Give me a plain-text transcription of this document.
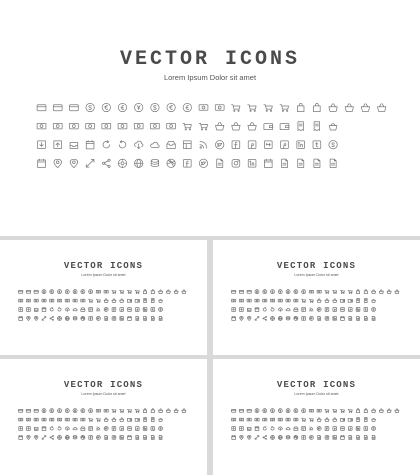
VECTOR ICONS
Lorem Ipsum Dolor sit amet
VECTOR ICONS
Lorem Ipsum Dolor sit amet
VECTOR ICONS
Lorem Ipsum Dolor sit amet
VECTOR ICONS
Lorem Ipsum Dolor sit amet
VECTOR ICONS
Lorem Ipsum Dolor sit amet
